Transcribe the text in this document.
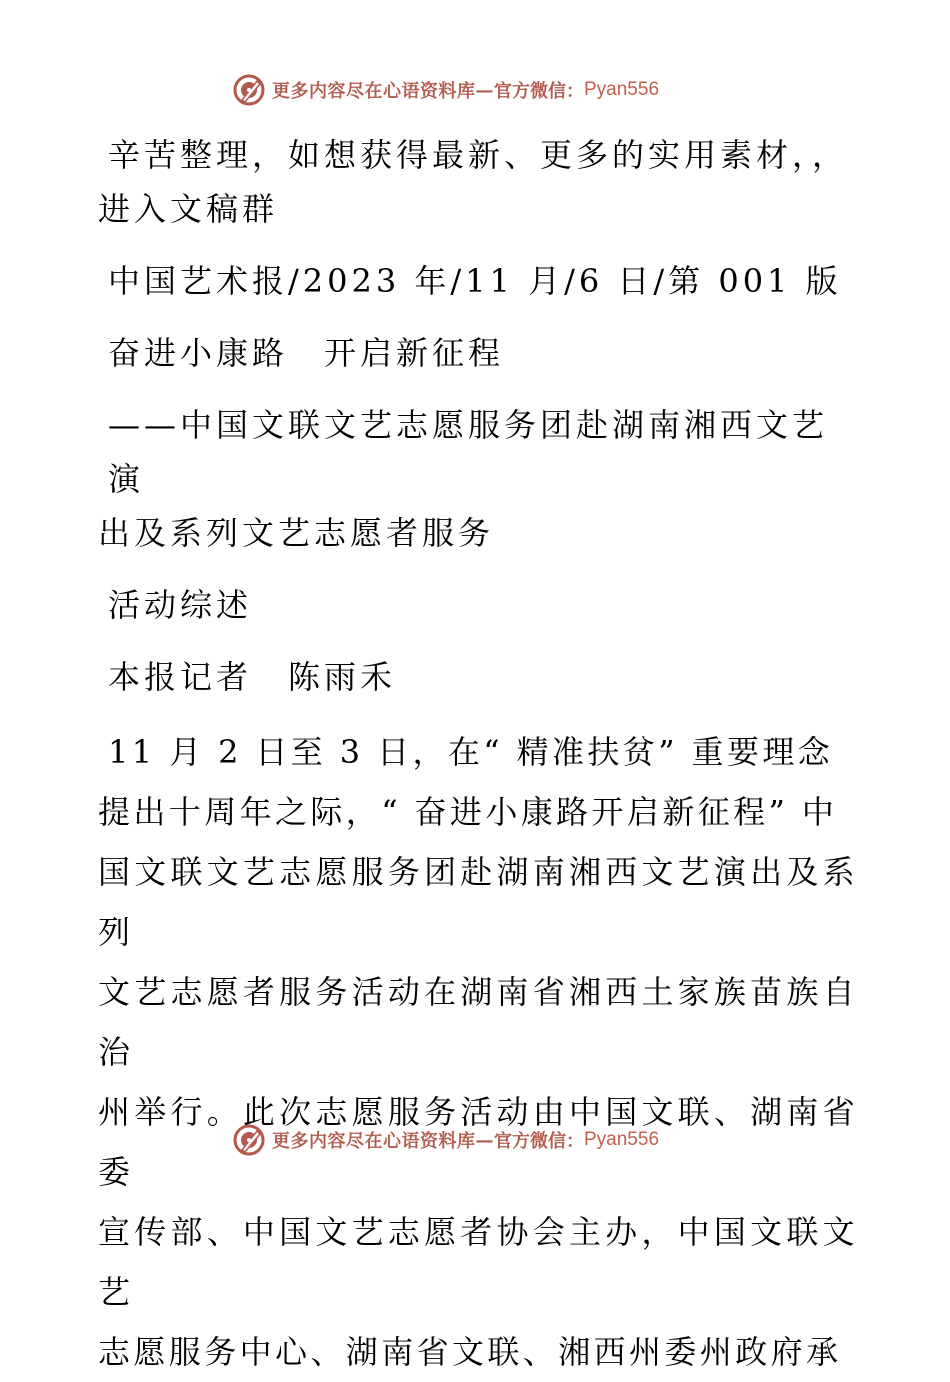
更多内容尽在心语资料库 — 官方微信： Pyan556
辛苦整理，如想获得最新、更多的实用素材，，
进入文稿群
中国艺术报/2023 年/11 月/6 日/第 001 版
奋进小康路　开启新征程
——中国文联文艺志愿服务团赴湖南湘西文艺演
出及系列文艺志愿者服务
活动综述
本报记者　陈雨禾
11 月 2 日至 3 日，在“ 精准扶贫” 重要理念
提出十周年之际，“ 奋进小康路开启新征程” 中
国文联文艺志愿服务团赴湖南湘西文艺演出及系列
文艺志愿者服务活动在湖南省湘西土家族苗族自治
州举行。此次志愿服务活动由中国文联、湖南省委
宣传部、中国文艺志愿者协会主办，中国文联文艺
志愿服务中心、湖南省文联、湘西州委州政府承
更多内容尽在心语资料库 — 官方微信： Pyan556
